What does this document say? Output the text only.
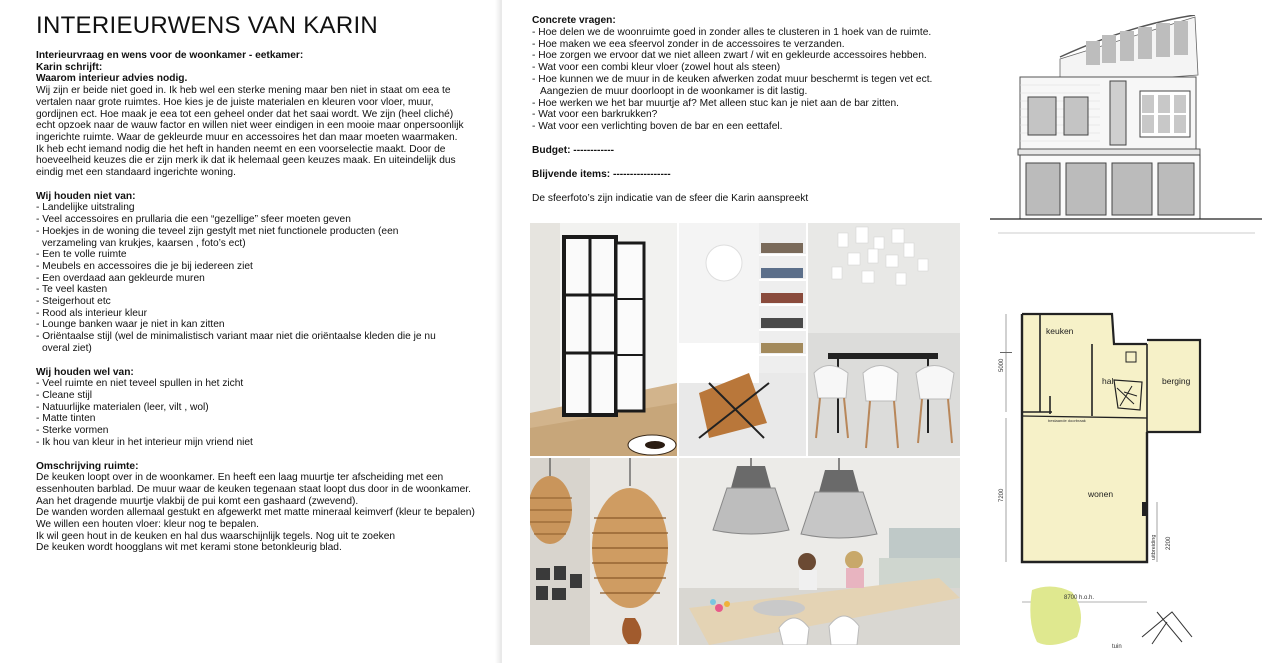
INTERIEURWENS VAN KARIN

Interieurvraag en wens voor de woonkamer - eetkamer:

Karin schrijft:

Waarom interieur advies nodig.

Wij zijn er beide niet goed in. Ik heb wel een sterke mening maar ben niet in staat om eea te

vertalen naar grote ruimtes. Hoe kies je de juiste materialen en kleuren voor vloer, muur,

gordijnen ect. Hoe maak je eea tot een geheel onder dat het saai wordt. We zijn (heel cliché)

echt opzoek naar de wauw factor en willen niet weer eindigen in een mooie maar onpersoonlijk

ingerichte ruimte. Waar de gekleurde muur en accessoires het dan maar moeten waarmaken.

Ik heb echt iemand nodig die het heft in handen neemt en een voorselectie maakt. Door de

hoeveelheid keuzes die er zijn merk ik dat ik helemaal geen keuzes maak. En uiteindelijk dus

eindig met een standaard ingerichte woning.

Wij houden niet van:

- Landelijke uitstraling

- Veel accessoires en prullaria die een “gezellige” sfeer moeten geven

- Hoekjes in de woning die teveel zijn gestylt met niet functionele producten (een

verzameling van krukjes, kaarsen , foto’s ect)

- Een te volle ruimte

- Meubels en accessoires die je bij iedereen ziet

- Een overdaad aan gekleurde muren

- Te veel kasten

- Steigerhout etc

- Rood als interieur kleur

- Lounge banken waar je niet in kan zitten

- Oriëntaalse stijl (wel de minimalistisch variant maar niet die oriëntaalse kleden die je nu

overal ziet)

Wij houden wel van:

- Veel ruimte en niet teveel spullen in het zicht

- Cleane stijl

- Natuurlijke materialen (leer, vilt , wol)

- Matte tinten

- Sterke vormen

- Ik hou van kleur in het interieur mijn vriend niet

Omschrijving ruimte:

De keuken loopt over in de woonkamer. En heeft een laag muurtje ter afscheiding met een

essenhouten barblad. De muur waar de keuken tegenaan staat loopt dus door in de woonkamer.

Aan het dragende muurtje vlakbij de pui komt een gashaard (zwevend).

De wanden worden allemaal gestukt en afgewerkt met matte mineraal keimverf (kleur te bepalen)

We willen een houten vloer: kleur nog te bepalen.

Ik wil geen hout in de keuken en hal dus waarschijnlijk tegels. Nog uit te zoeken

De keuken wordt hoogglans wit met kerami stone betonkleurig blad.

Concrete vragen:

- Hoe delen we de woonruimte goed in zonder alles te clusteren in 1 hoek van de ruimte.

- Hoe maken we eea sfeervol zonder in de accessoires te verzanden.

- Hoe zorgen we ervoor dat we niet alleen zwart / wit en gekleurde accessoires hebben.

- Wat voor een combi kleur vloer (zowel hout als steen)

- Hoe kunnen we de muur in de keuken afwerken zodat muur beschermt is tegen vet ect.

Aangezien de muur doorloopt in de woonkamer is dit lastig.

- Hoe werken we het bar muurtje af? Met alleen stuc kan je niet aan de bar zitten.

- Wat voor een barkrukken?

- Wat voor een verlichting boven de bar en een eettafel.

Budget: ------------

Blijvende items: -----------------

De sfeerfoto’s zijn indicatie van de sfeer die Karin aanspreekt

keuken
hal	berging
wonen
bestaande doorbraak
5000
7200
8700 h.o.h.
2200
uitbreiding
tuin
